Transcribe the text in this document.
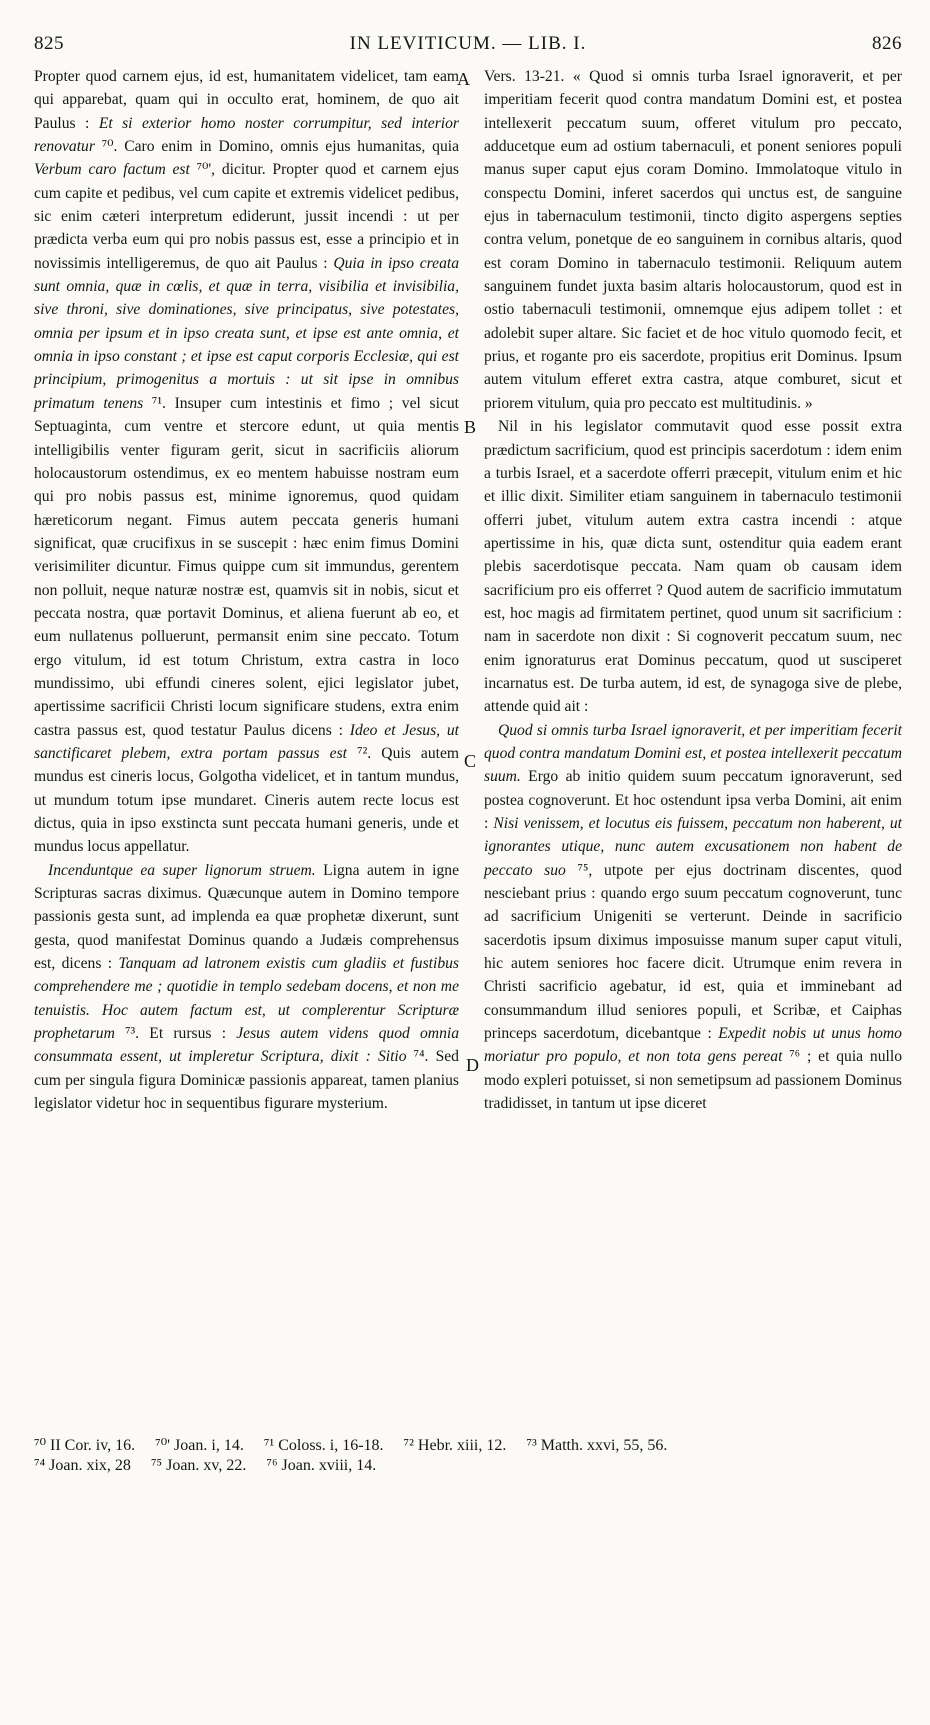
825	IN LEVITICUM. — LIB. I.	826

Propter quod carnem ejus, id est, humanitatem videlicet, tam eam qui apparebat, quam qui in occulto erat, hominem, de quo ait Paulus : Et si exterior homo noster corrumpitur, sed interior renovatur ⁷⁰. Caro enim in Domino, omnis ejus humanitas, quia Verbum caro factum est ⁷⁰', dicitur. Propter quod et carnem ejus cum capite et pedibus, vel cum capite et extremis videlicet pedibus, sic enim cæteri interpretum ediderunt, jussit incendi : ut per prædicta verba eum qui pro nobis passus est, esse a principio et in novissimis intelligeremus, de quo ait Paulus : Quia in ipso creata sunt omnia, quæ in cœlis, et quæ in terra, visibilia et invisibilia, sive throni, sive dominationes, sive principatus, sive potestates, omnia per ipsum et in ipso creata sunt, et ipse est ante omnia, et omnia in ipso constant ; et ipse est caput corporis Ecclesiæ, qui est principium, primogenitus a mortuis : ut sit ipse in omnibus primatum tenens ⁷¹. Insuper cum intestinis et fimo ; vel sicut Septuaginta, cum ventre et stercore edunt, ut quia mentis intelligibilis venter figuram gerit, sicut in sacrificiis aliorum holocaustorum ostendimus, ex eo mentem habuisse nostram eum qui pro nobis passus est, minime ignoremus, quod quidam hæreticorum negant. Fimus autem peccata generis humani significat, quæ crucifixus in se suscepit : hæc enim fimus Domini verisimiliter dicuntur. Fimus quippe cum sit immundus, gerentem non polluit, neque naturæ nostræ est, quamvis sit in nobis, sicut et peccata nostra, quæ portavit Dominus, et aliena fuerunt ab eo, et eum nullatenus polluerunt, permansit enim sine peccato. Totum ergo vitulum, id est totum Christum, extra castra in loco mundissimo, ubi effundi cineres solent, ejici legislator jubet, apertissime sacrificii Christi locum significare studens, extra enim castra passus est, quod testatur Paulus dicens : Ideo et Jesus, ut sanctificaret plebem, extra portam passus est ⁷². Quis autem mundus est cineris locus, Golgotha videlicet, et in tantum mundus, ut mundum totum ipse mundaret. Cineris autem recte locus est dictus, quia in ipso exstincta sunt peccata humani generis, unde et mundus locus appellatur.

Incenduntque ea super lignorum struem. Ligna autem in igne Scripturas sacras diximus. Quæcunque autem in Domino tempore passionis gesta sunt, ad implenda ea quæ prophetæ dixerunt, sunt gesta, quod manifestat Dominus quando a Judæis comprehensus est, dicens : Tanquam ad latronem existis cum gladiis et fustibus comprehendere me ; quotidie in templo sedebam docens, et non me tenuistis. Hoc autem factum est, ut complerentur Scripturæ prophetarum ⁷³. Et rursus : Jesus autem videns quod omnia consummata essent, ut impleretur Scriptura, dixit : Sitio ⁷⁴. Sed cum per singula figura Dominicæ passionis appareat, tamen planius legislator videtur hoc in sequentibus figurare mysterium.

A
B
C
D

Vers. 13-21. « Quod si omnis turba Israel ignoraverit, et per imperitiam fecerit quod contra mandatum Domini est, et postea intellexerit peccatum suum, offeret vitulum pro peccato, adducetque eum ad ostium tabernaculi, et ponent seniores populi manus super caput ejus coram Domino. Immolatoque vitulo in conspectu Domini, inferet sacerdos qui unctus est, de sanguine ejus in tabernaculum testimonii, tincto digito aspergens septies contra velum, ponetque de eo sanguinem in cornibus altaris, quod est coram Domino in tabernaculo testimonii. Reliquum autem sanguinem fundet juxta basim altaris holocaustorum, quod est in ostio tabernaculi testimonii, omnemque ejus adipem tollet : et adolebit super altare. Sic faciet et de hoc vitulo quomodo fecit, et prius, et rogante pro eis sacerdote, propitius erit Dominus. Ipsum autem vitulum efferet extra castra, atque comburet, sicut et priorem vitulum, quia pro peccato est multitudinis. »

Nil in his legislator commutavit quod esse possit extra prædictum sacrificium, quod est principis sacerdotum : idem enim a turbis Israel, et a sacerdote offerri præcepit, vitulum enim et hic et illic dixit. Similiter etiam sanguinem in tabernaculo testimonii offerri jubet, vitulum autem extra castra incendi : atque apertissime in his, quæ dicta sunt, ostenditur quia eadem erant plebis sacerdotisque peccata. Nam quam ob causam idem sacrificium pro eis offerret ? Quod autem de sacrificio immutatum est, hoc magis ad firmitatem pertinet, quod unum sit sacrificium : nam in sacerdote non dixit : Si cognoverit peccatum suum, nec enim ignoraturus erat Dominus peccatum, quod ut susciperet incarnatus est. De turba autem, id est, de synagoga sive de plebe, attende quid ait :

Quod si omnis turba Israel ignoraverit, et per imperitiam fecerit quod contra mandatum Domini est, et postea intellexerit peccatum suum. Ergo ab initio quidem suum peccatum ignoraverunt, sed postea cognoverunt. Et hoc ostendunt ipsa verba Domini, ait enim : Nisi venissem, et locutus eis fuissem, peccatum non haberent, ut ignorantes utique, nunc autem excusationem non habent de peccato suo ⁷⁵, utpote per ejus doctrinam discentes, quod nesciebant prius : quando ergo suum peccatum cognoverunt, tunc ad sacrificium Unigeniti se verterunt. Deinde in sacrificio sacerdotis ipsum diximus imposuisse manum super caput vituli, hic autem seniores hoc facere dicit. Utrumque enim revera in Christi sacrificio agebatur, id est, quia et imminebant ad consummandum illud seniores populi, et Scribæ, et Caiphas princeps sacerdotum, dicebantque : Expedit nobis ut unus homo moriatur pro populo, et non tota gens pereat ⁷⁶ ; et quia nullo modo expleri potuisset, si non semetipsum ad passionem Dominus tradidisset, in tantum ut ipse diceret

⁷⁰ II Cor. iv, 16. ⁷⁰' Joan. i, 14. ⁷¹ Coloss. i, 16-18. ⁷² Hebr. xiii, 12. ⁷³ Matth. xxvi, 55, 56.
⁷⁴ Joan. xix, 28 ⁷⁵ Joan. xv, 22. ⁷⁶ Joan. xviii, 14.
